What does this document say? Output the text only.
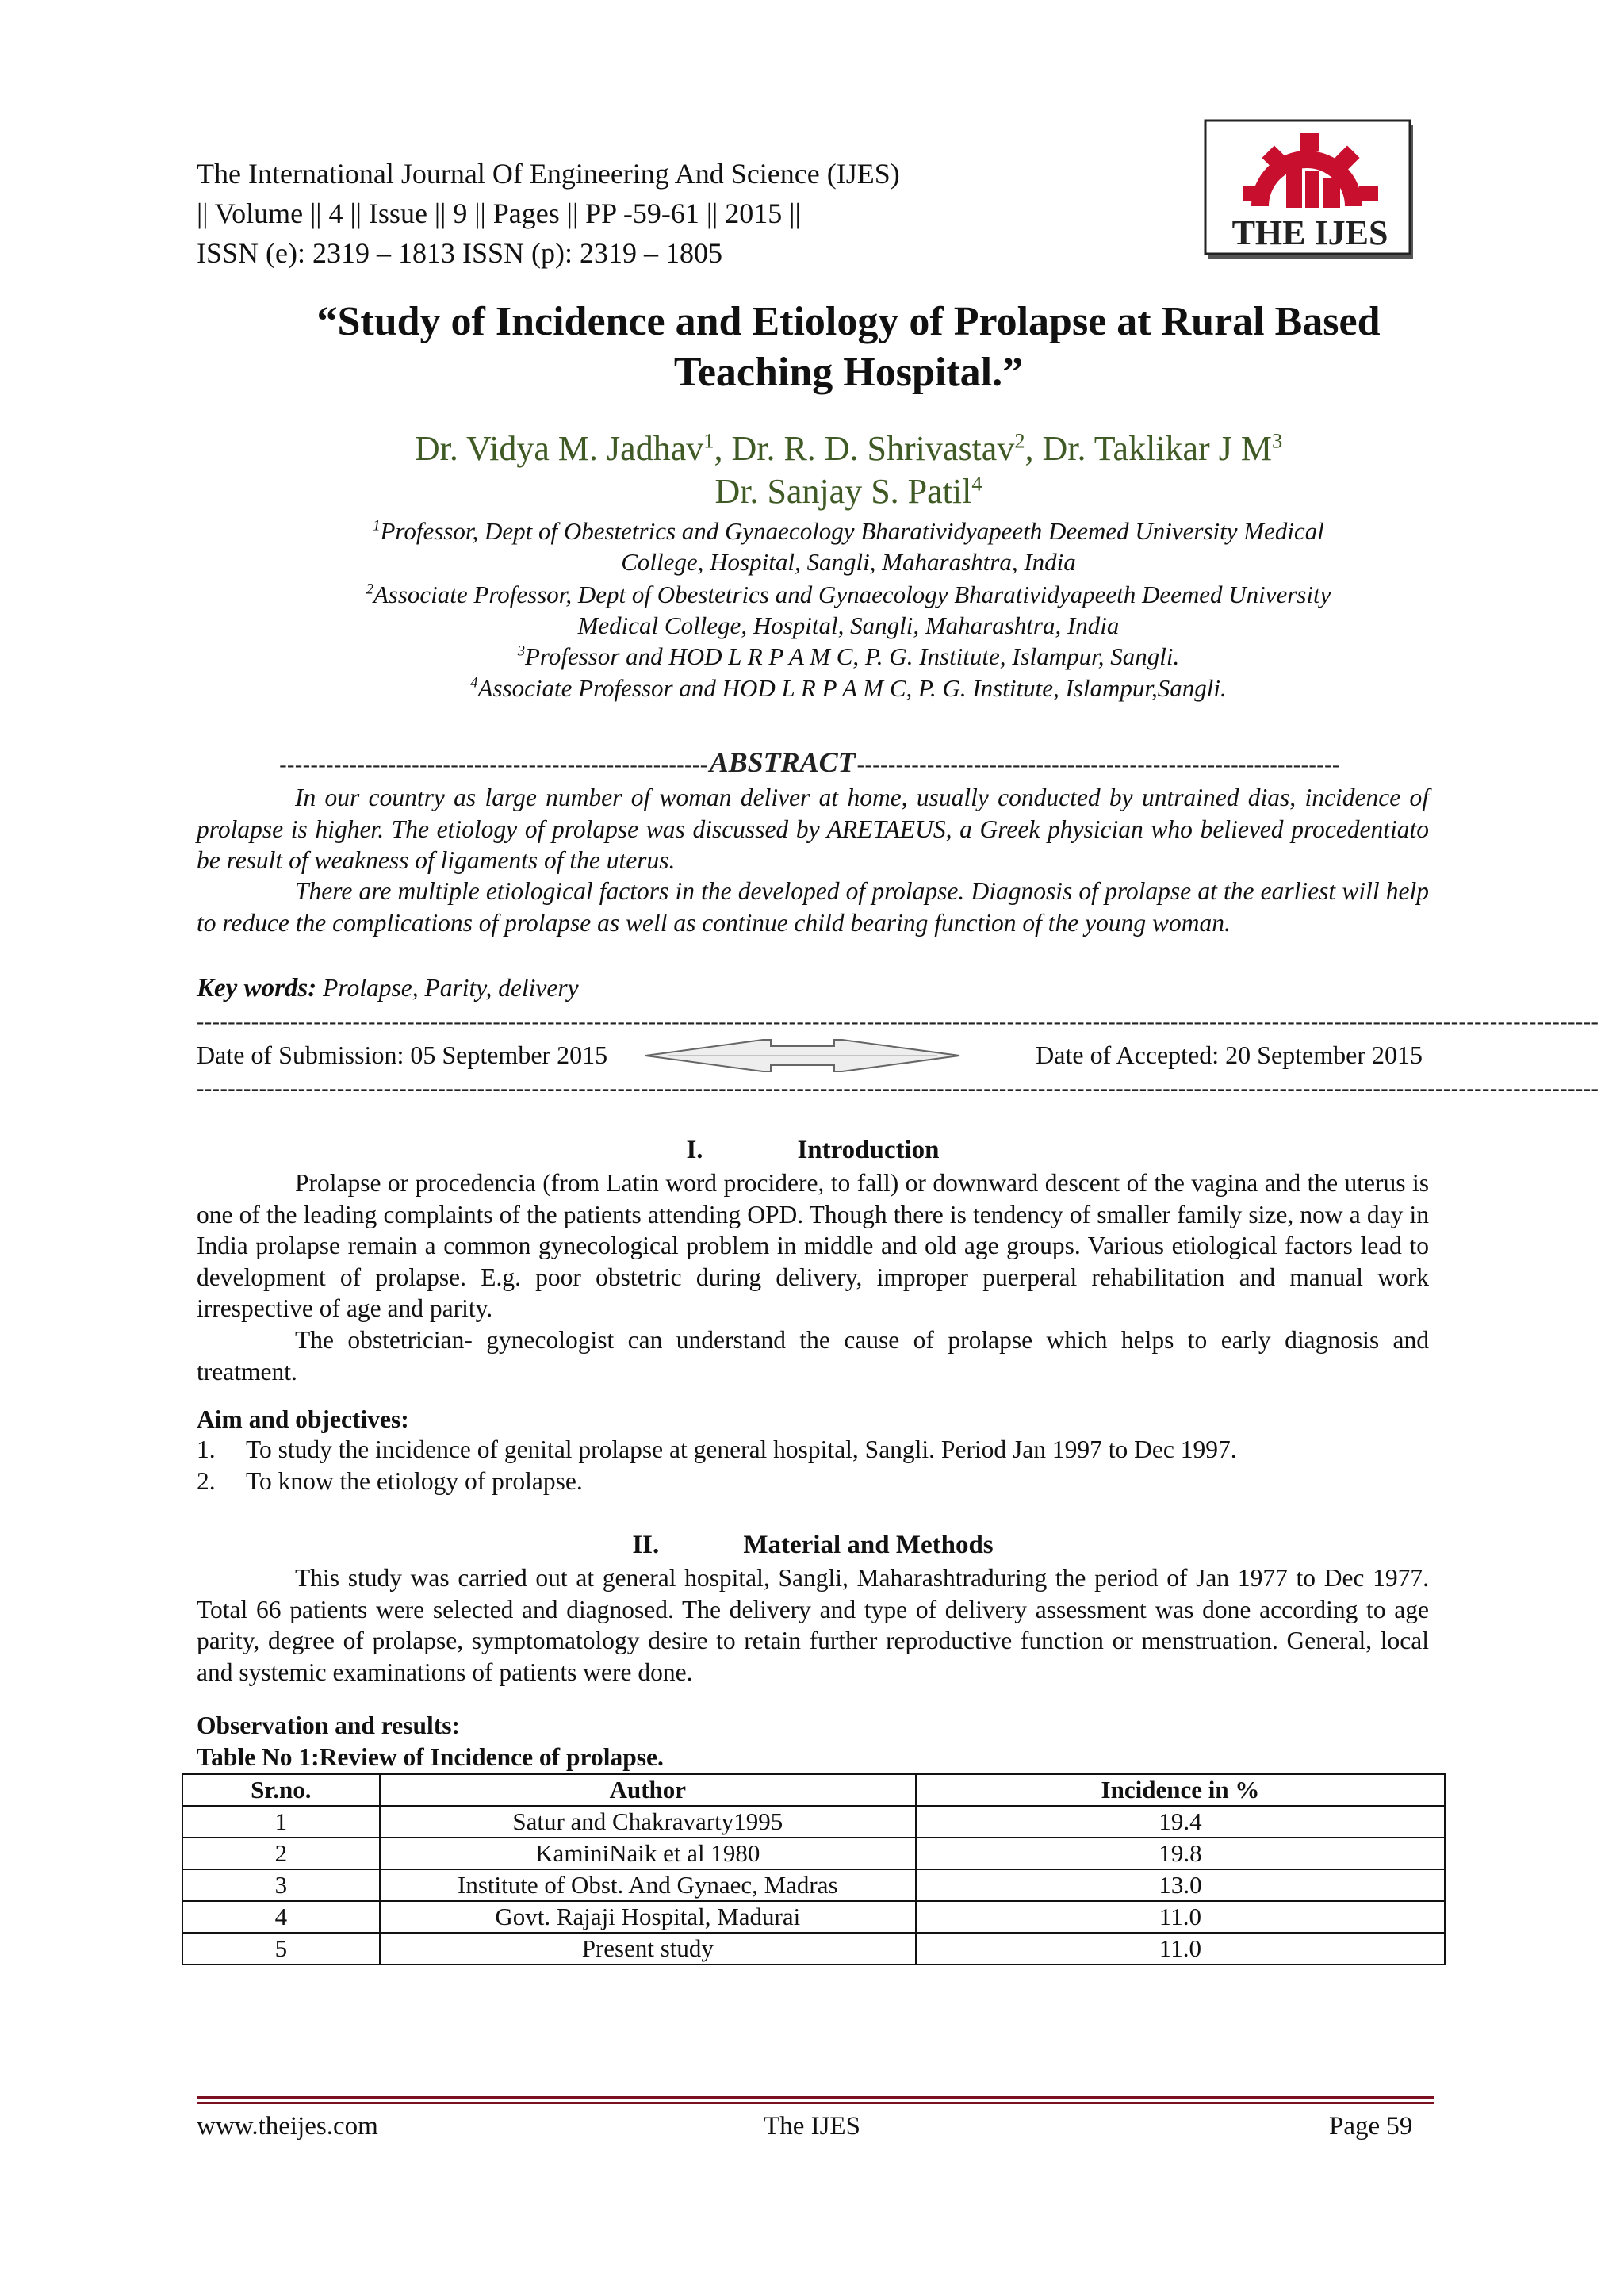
The International Journal Of Engineering And Science (IJES)
|| Volume || 4 || Issue || 9 || Pages || PP -59-61 || 2015 ||
ISSN (e): 2319 – 1813 ISSN (p): 2319 – 1805
THE IJES
“Study of Incidence and Etiology of Prolapse at Rural Based
Teaching Hospital.”
Dr. Vidya M. Jadhav$^1$, Dr. R. D. Shrivastav$^2$, Dr. Taklikar J $M^3$
Dr. Sanjay S. Patil$^4$
$^1$Professor, Dept of Obestetrics and Gynaecology Bharatividyapeeth Deemed University Medical
College, Hospital, Sangli, Maharashtra, India
$^2$Associate Professor, Dept of Obestetrics and Gynaecology Bharatividyapeeth Deemed University
Medical College, Hospital, Sangli, Maharashtra, India
$^3$Professor and HOD L R P A M C, P. G. Institute, Islampur, Sangli.
$^4$Associate Professor and HOD L R P A M C, P. G. Institute, Islampur,Sangli.
-------------------------------------------------------ABSTRACT--------------------------------------------------------------
In our country as large number of woman deliver at home, usually conducted by untrained dias, incidence of prolapse is higher. The etiology of prolapse was discussed by ARETAEUS, a Greek physician who believed procedentiato be result of weakness of ligaments of the uterus.
There are multiple etiological factors in the developed of prolapse. Diagnosis of prolapse at the earliest will help to reduce the complications of prolapse as well as continue child bearing function of the young woman.
Key words: Prolapse, Parity, delivery
------------------------------------------------------------------------------------------------------------------------------------------------------------------------------------
Date of Submission: 05 September 2015	Date of Accepted: 20 September 2015
------------------------------------------------------------------------------------------------------------------------------------------------------------------------------------
I.	Introduction
Prolapse or procedencia (from Latin word procidere, to fall) or downward descent of the vagina and the uterus is one of the leading complaints of the patients attending OPD. Though there is tendency of smaller family size, now a day in India prolapse remain a common gynecological problem in middle and old age groups. Various etiological factors lead to development of prolapse. E.g. poor obstetric during delivery, improper puerperal rehabilitation and manual work irrespective of age and parity.
The obstetrician- gynecologist can understand the cause of prolapse which helps to early diagnosis and treatment.
Aim and objectives:
1.	To study the incidence of genital prolapse at general hospital, Sangli. Period Jan 1997 to Dec 1997.
2.	To know the etiology of prolapse.
II.	Material and Methods
This study was carried out at general hospital, Sangli, Maharashtraduring the period of Jan 1977 to Dec 1977. Total 66 patients were selected and diagnosed. The delivery and type of delivery assessment was done according to age parity, degree of prolapse, symptomatology desire to retain further reproductive function or menstruation. General, local and systemic examinations of patients were done.
Observation and results:
Table No 1:Review of Incidence of prolapse.
Sr.no.	Author	Incidence in %
1	Satur and Chakravarty1995	19.4
2	KaminiNaik et al 1980	19.8
3	Institute of Obst. And Gynaec, Madras	13.0
4	Govt. Rajaji Hospital, Madurai	11.0
5	Present study	11.0
www.theijes.com	The IJES	Page 59
